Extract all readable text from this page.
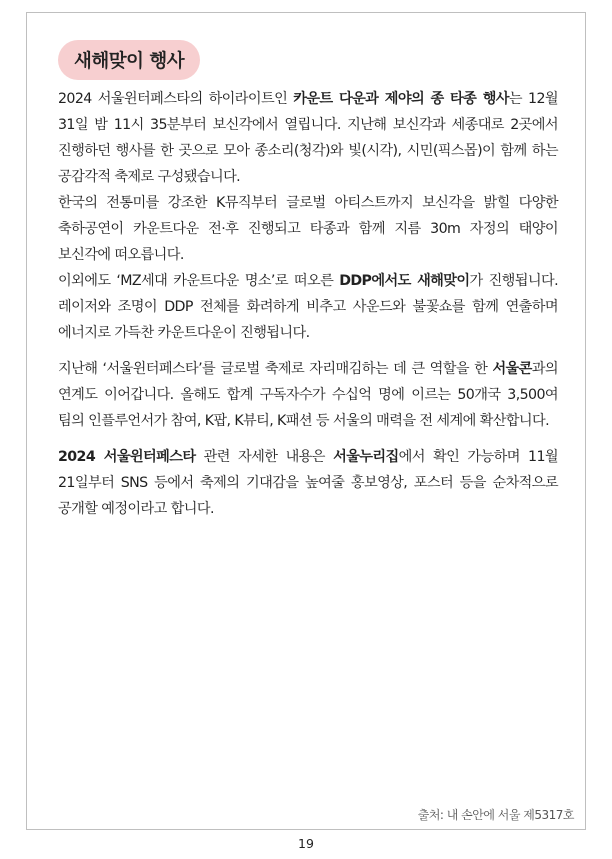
새해맞이 행사

2024 서울윈터페스타의 하이라이트인 카운트 다운과 제야의 종 타종 행사는 12월 31일 밤 11시 35분부터 보신각에서 열립니다. 지난해 보신각과 세종대로 2곳에서 진행하던 행사를 한 곳으로 모아 종소리(청각)와 빛(시각), 시민(픽스몹)이 함께 하는 공감각적 축제로 구성됐습니다.

한국의 전통미를 강조한 K뮤직부터 글로벌 아티스트까지 보신각을 밝힐 다양한 축하공연이 카운트다운 전·후 진행되고 타종과 함께 지름 30m 자정의 태양이 보신각에 떠오릅니다.

이외에도 ‘MZ세대 카운트다운 명소’로 떠오른 DDP에서도 새해맞이가 진행됩니다. 레이저와 조명이 DDP 전체를 화려하게 비추고 사운드와 불꽃쇼를 함께 연출하며 에너지로 가득찬 카운트다운이 진행됩니다.

지난해 ‘서울윈터페스타’를 글로벌 축제로 자리매김하는 데 큰 역할을 한 서울콘과의 연계도 이어갑니다. 올해도 합계 구독자수가 수십억 명에 이르는 50개국 3,500여 팀의 인플루언서가 참여, K팝, K뷰티, K패션 등 서울의 매력을 전 세계에 확산합니다.

2024 서울윈터페스타 관련 자세한 내용은 서울누리집에서 확인 가능하며 11월 21일부터 SNS 등에서 축제의 기대감을 높여줄 홍보영상, 포스터 등을 순차적으로 공개할 예정이라고 합니다.

출처: 내 손안에 서울 제5317호
19
